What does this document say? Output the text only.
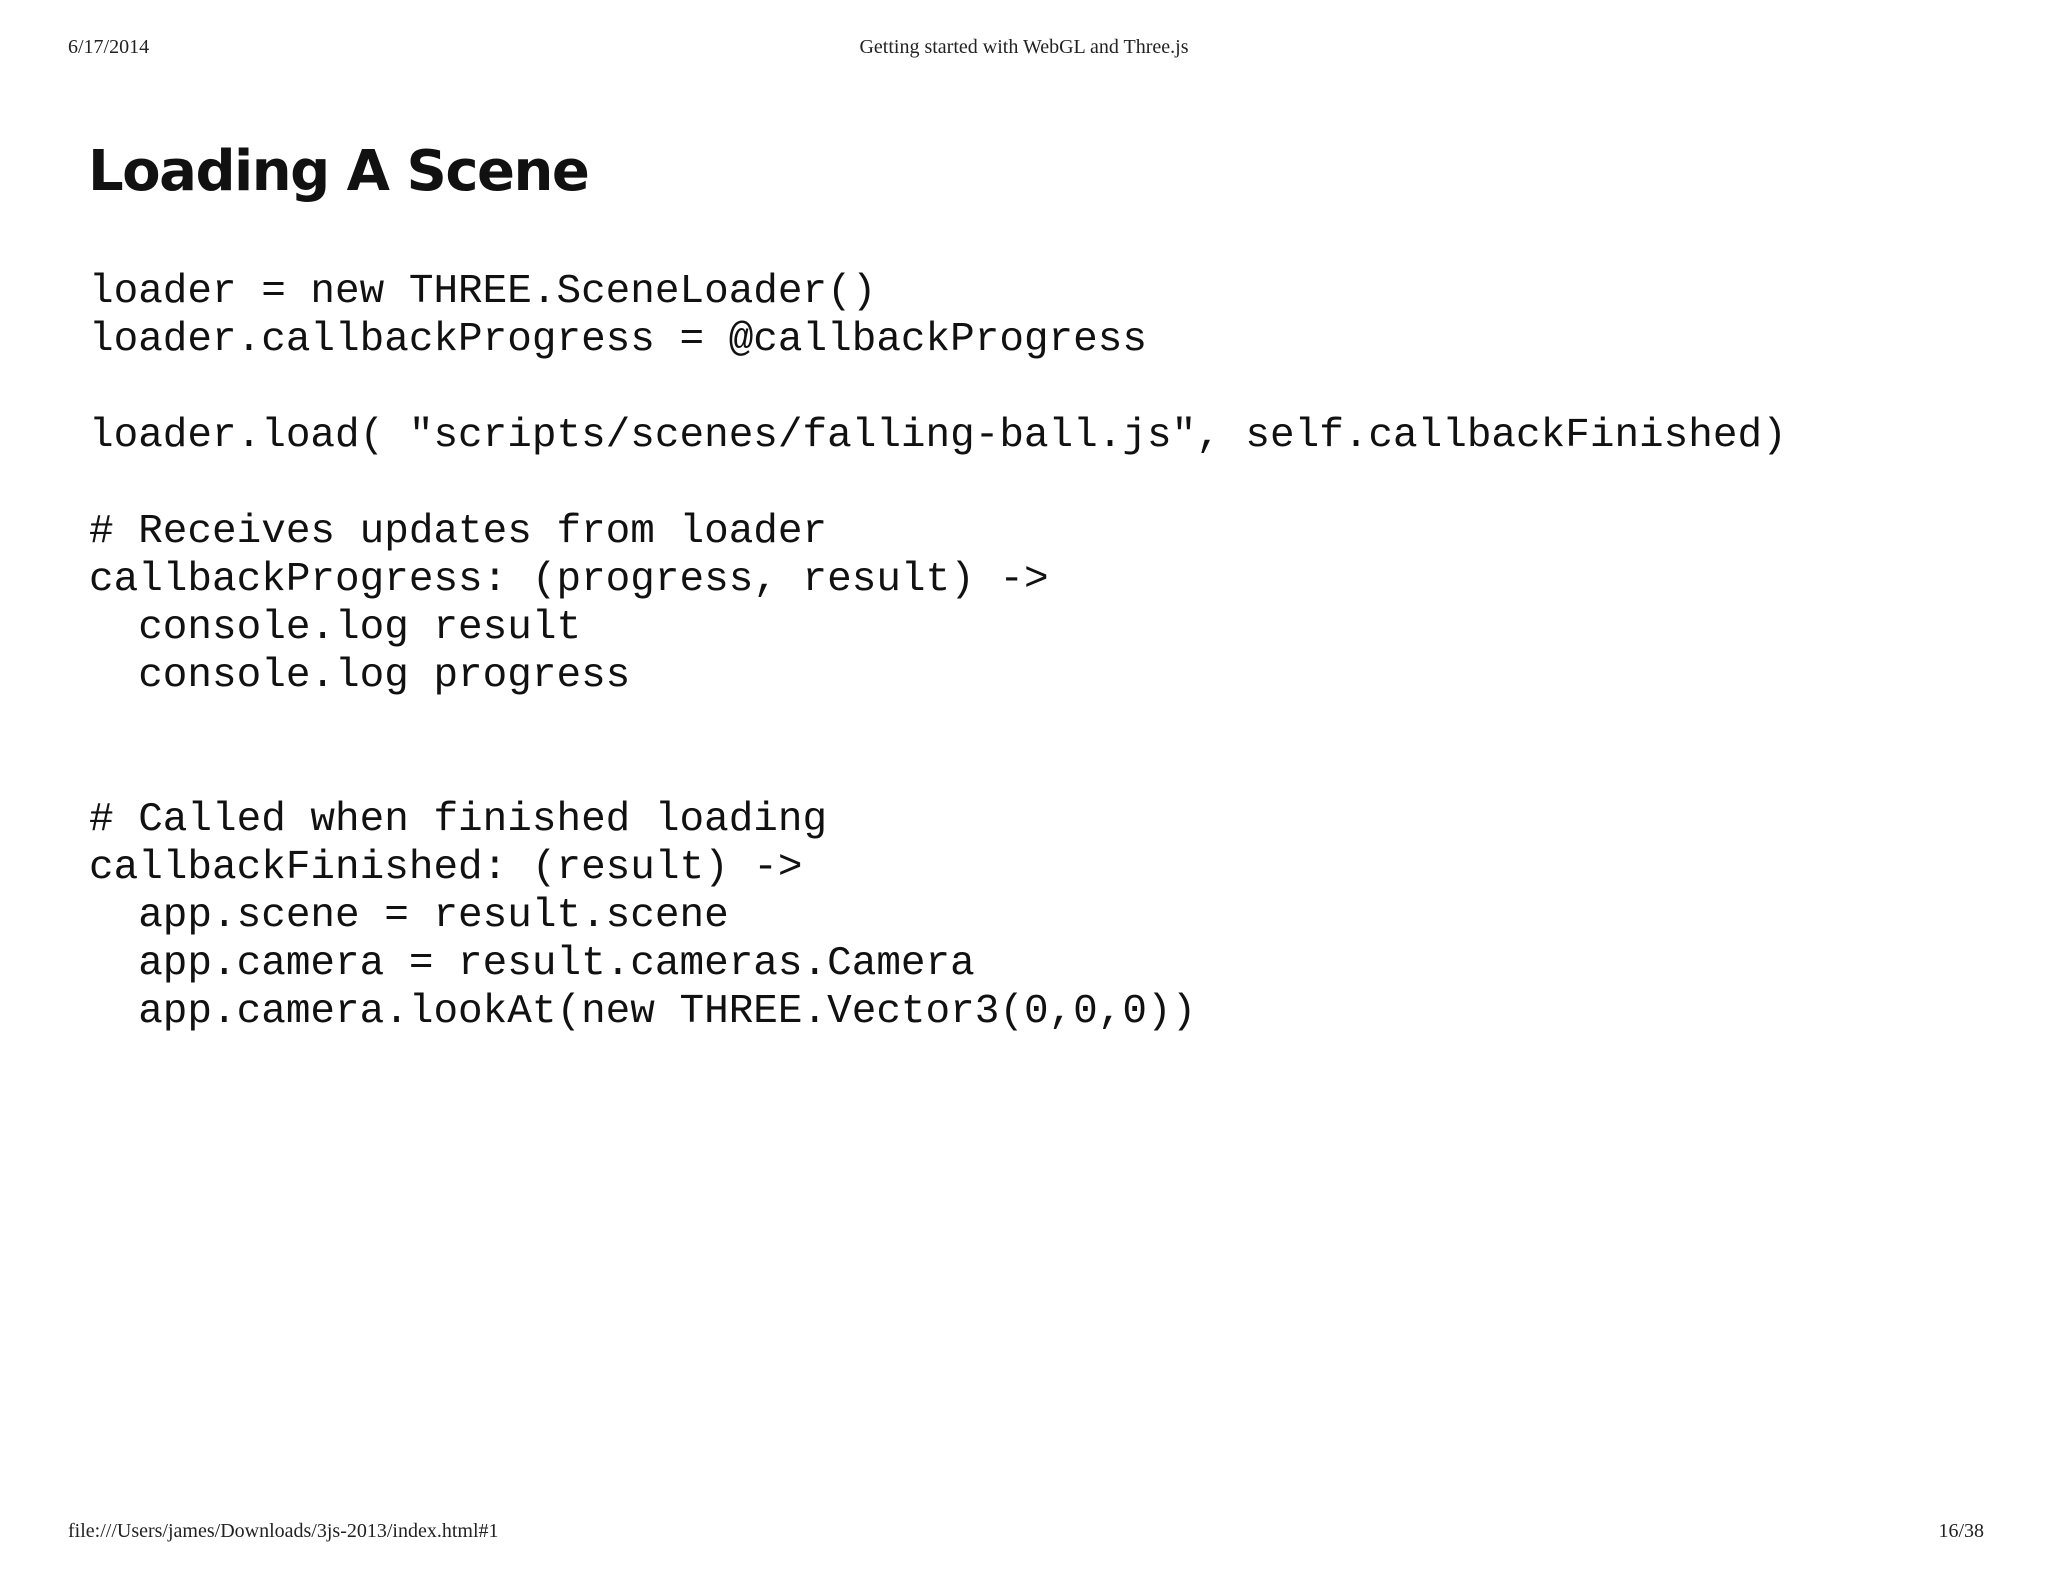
6/17/2014	Getting started with WebGL and Three.js
Loading A Scene
loader = new THREE.SceneLoader()
loader.callbackProgress = @callbackProgress
loader.load( "scripts/scenes/falling-ball.js", self.callbackFinished)
# Receives updates from loader
callbackProgress: (progress, result) ->
console.log result
console.log progress
# Called when finished loading
callbackFinished: (result) ->
app.scene = result.scene
app.camera = result.cameras.Camera
app.camera.lookAt(new THREE.Vector3(0,0,0))
file:///Users/james/Downloads/3js-2013/index.html#1	16/38
